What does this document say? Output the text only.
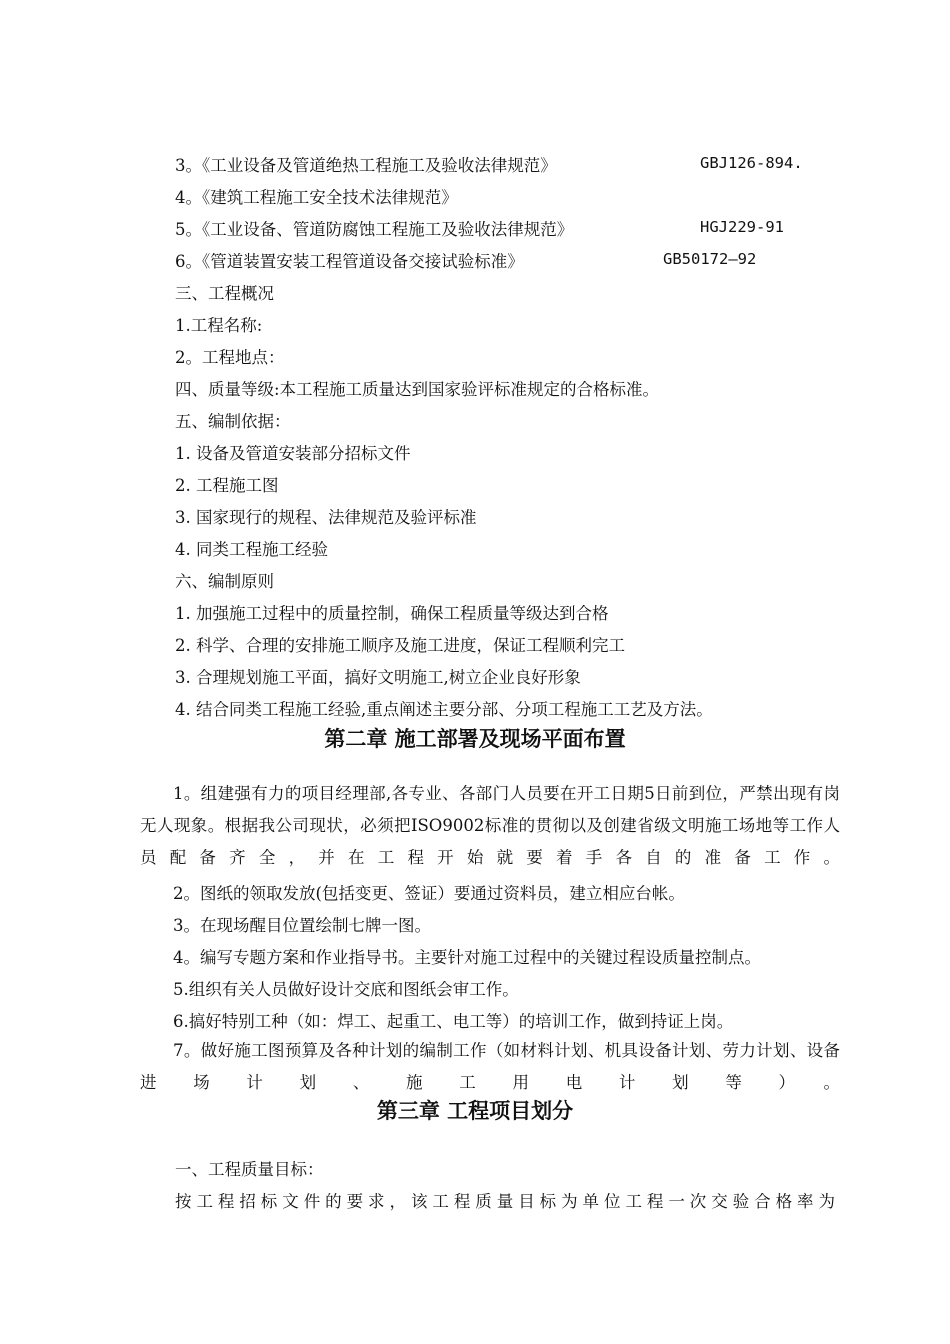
3。《工业设备及管道绝热工程施工及验收法律规范》	GBJ126-894.
4。《建筑工程施工安全技术法律规范》
5。《工业设备、管道防腐蚀工程施工及验收法律规范》	HGJ229-91
6。《管道装置安装工程管道设备交接试验标准》	GB50172—92
三、工程概况
1.工程名称:
2。工程地点：
四、质量等级:本工程施工质量达到国家验评标准规定的合格标准。
五、编制依据：
1. 设备及管道安装部分招标文件
2. 工程施工图
3. 国家现行的规程、法律规范及验评标准
4. 同类工程施工经验
六、编制原则
1. 加强施工过程中的质量控制，确保工程质量等级达到合格
2. 科学、合理的安排施工顺序及施工进度，保证工程顺利完工
3. 合理规划施工平面，搞好文明施工,树立企业良好形象
4. 结合同类工程施工经验,重点阐述主要分部、分项工程施工工艺及方法。
第二章 施工部署及现场平面布置
1。组建强有力的项目经理部,各专业、各部门人员要在开工日期5日前到位，严禁出现有岗无人现象。根据我公司现状，必须把ISO9002标准的贯彻以及创建省级文明施工场地等工作人员配备齐全，并在工程开始就要着手各自的准备工作。
2。图纸的领取发放(包括变更、签证）要通过资料员，建立相应台帐。
3。在现场醒目位置绘制七牌一图。
4。编写专题方案和作业指导书。主要针对施工过程中的关键过程设质量控制点。
5.组织有关人员做好设计交底和图纸会审工作。
6.搞好特别工种（如：焊工、起重工、电工等）的培训工作，做到持证上岗。
7。做好施工图预算及各种计划的编制工作（如材料计划、机具设备计划、劳力计划、设备进场计划、施工用电计划等）。
第三章 工程项目划分
一、工程质量目标：
按工程招标文件的要求，该工程质量目标为单位工程一次交验合格率为
